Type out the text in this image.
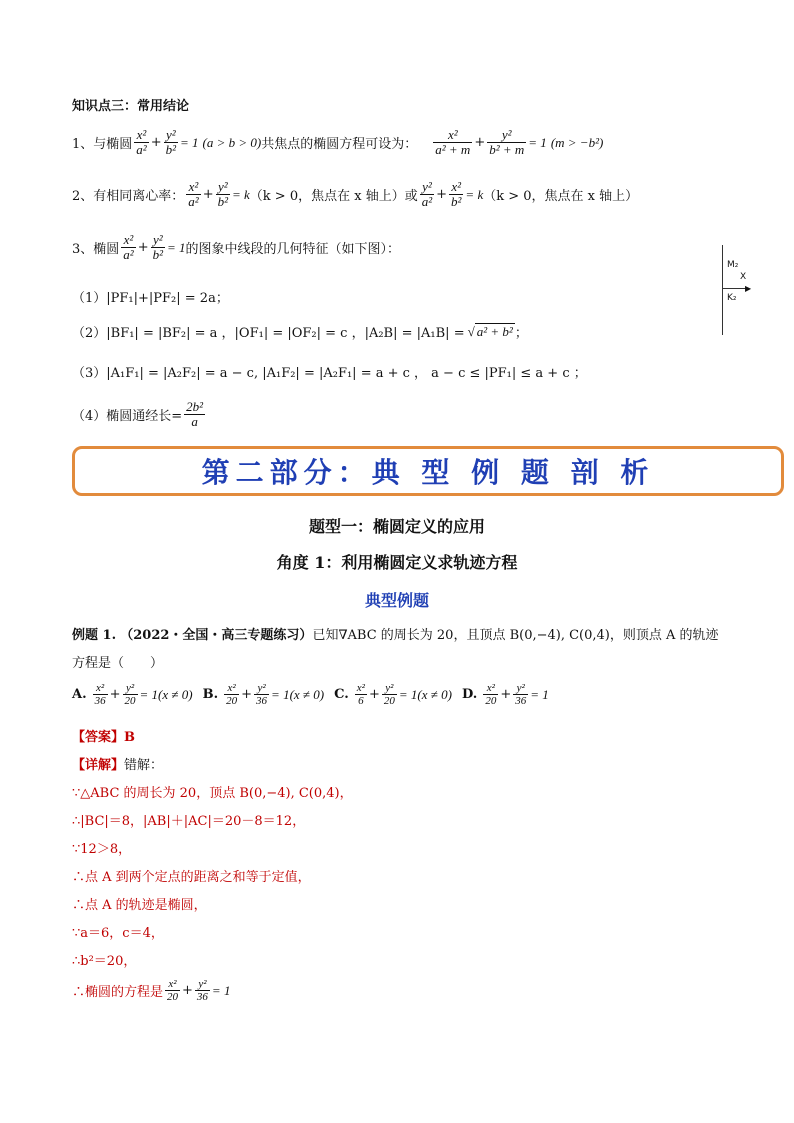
知识点三：常用结论
1、与椭圆 $\frac{\text{x²}}{\text{a²}} + \frac{\text{y²}}{\text{b²}} = 1$ (a > b > 0) 共焦点的椭圆方程可设为： $\frac{\text{x²}}{\text{a² + m}} + \frac{\text{y²}}{\text{b² + m}} = 1$ (m > −b²)
2、有相同离心率： $\frac{\text{x²}}{\text{a²}} + \frac{\text{y²}}{\text{b²}} = k$ （k > 0，焦点在 x 轴上）或 $\frac{\text{y²}}{\text{a²}} + \frac{\text{x²}}{\text{b²}} = k$ （k > 0，焦点在 x 轴上）
3、椭圆 $\frac{\text{x²}}{\text{a²}} + \frac{\text{y²}}{\text{b²}} = 1$ 的图象中线段的几何特征（如下图）：
（1）|PF₁|+|PF₂| = 2a；
（2）|BF₁| = |BF₂| = a ，|OF₁| = |OF₂| = c ，|A₂B| = |A₁B| = √ a² + b² ；
（3）|A₁F₁| = |A₂F₂| = a − c, |A₁F₂| = |A₂F₁| = a + c ， a − c ≤ |PF₁| ≤ a + c ；
（4）椭圆通经长= $\frac{\text{2b²}}{a}$
▶
M₂
X
K₂
第二部分：典 型 例 题 剖 析
题型一：椭圆定义的应用
角度 1：利用椭圆定义求轨迹方程
典型例题
例题 1. （2022・全国・高三专题练习）已知∇ABC 的周长为 20，且顶点 B(0,−4), C(0,4)，则顶点 A 的轨迹
方程是（　　）
A. $\frac{\text{x²}}{36} + \frac{\text{y²}}{20} = 1(x \ne 0)$ B. $\frac{\text{x²}}{20} + \frac{\text{y²}}{36} = 1(x \ne 0)$ C. $\frac{\text{x²}}{6} + \frac{\text{y²}}{20} = 1(x \ne 0)$ D. $\frac{\text{x²}}{20} + \frac{\text{y²}}{36} = 1$
【答案】B
【详解】错解：
∵△ABC 的周长为 20，顶点 B(0,−4), C(0,4)，
∴|BC|＝8，|AB|＋|AC|＝20－8＝12，
∵12＞8，
∴点 A 到两个定点的距离之和等于定值，
∴点 A 的轨迹是椭圆，
∵a＝6，c＝4，
∴b²＝20，
∴椭圆的方程是 $\frac{\text{x²}}{20} + \frac{\text{y²}}{36} = 1$
